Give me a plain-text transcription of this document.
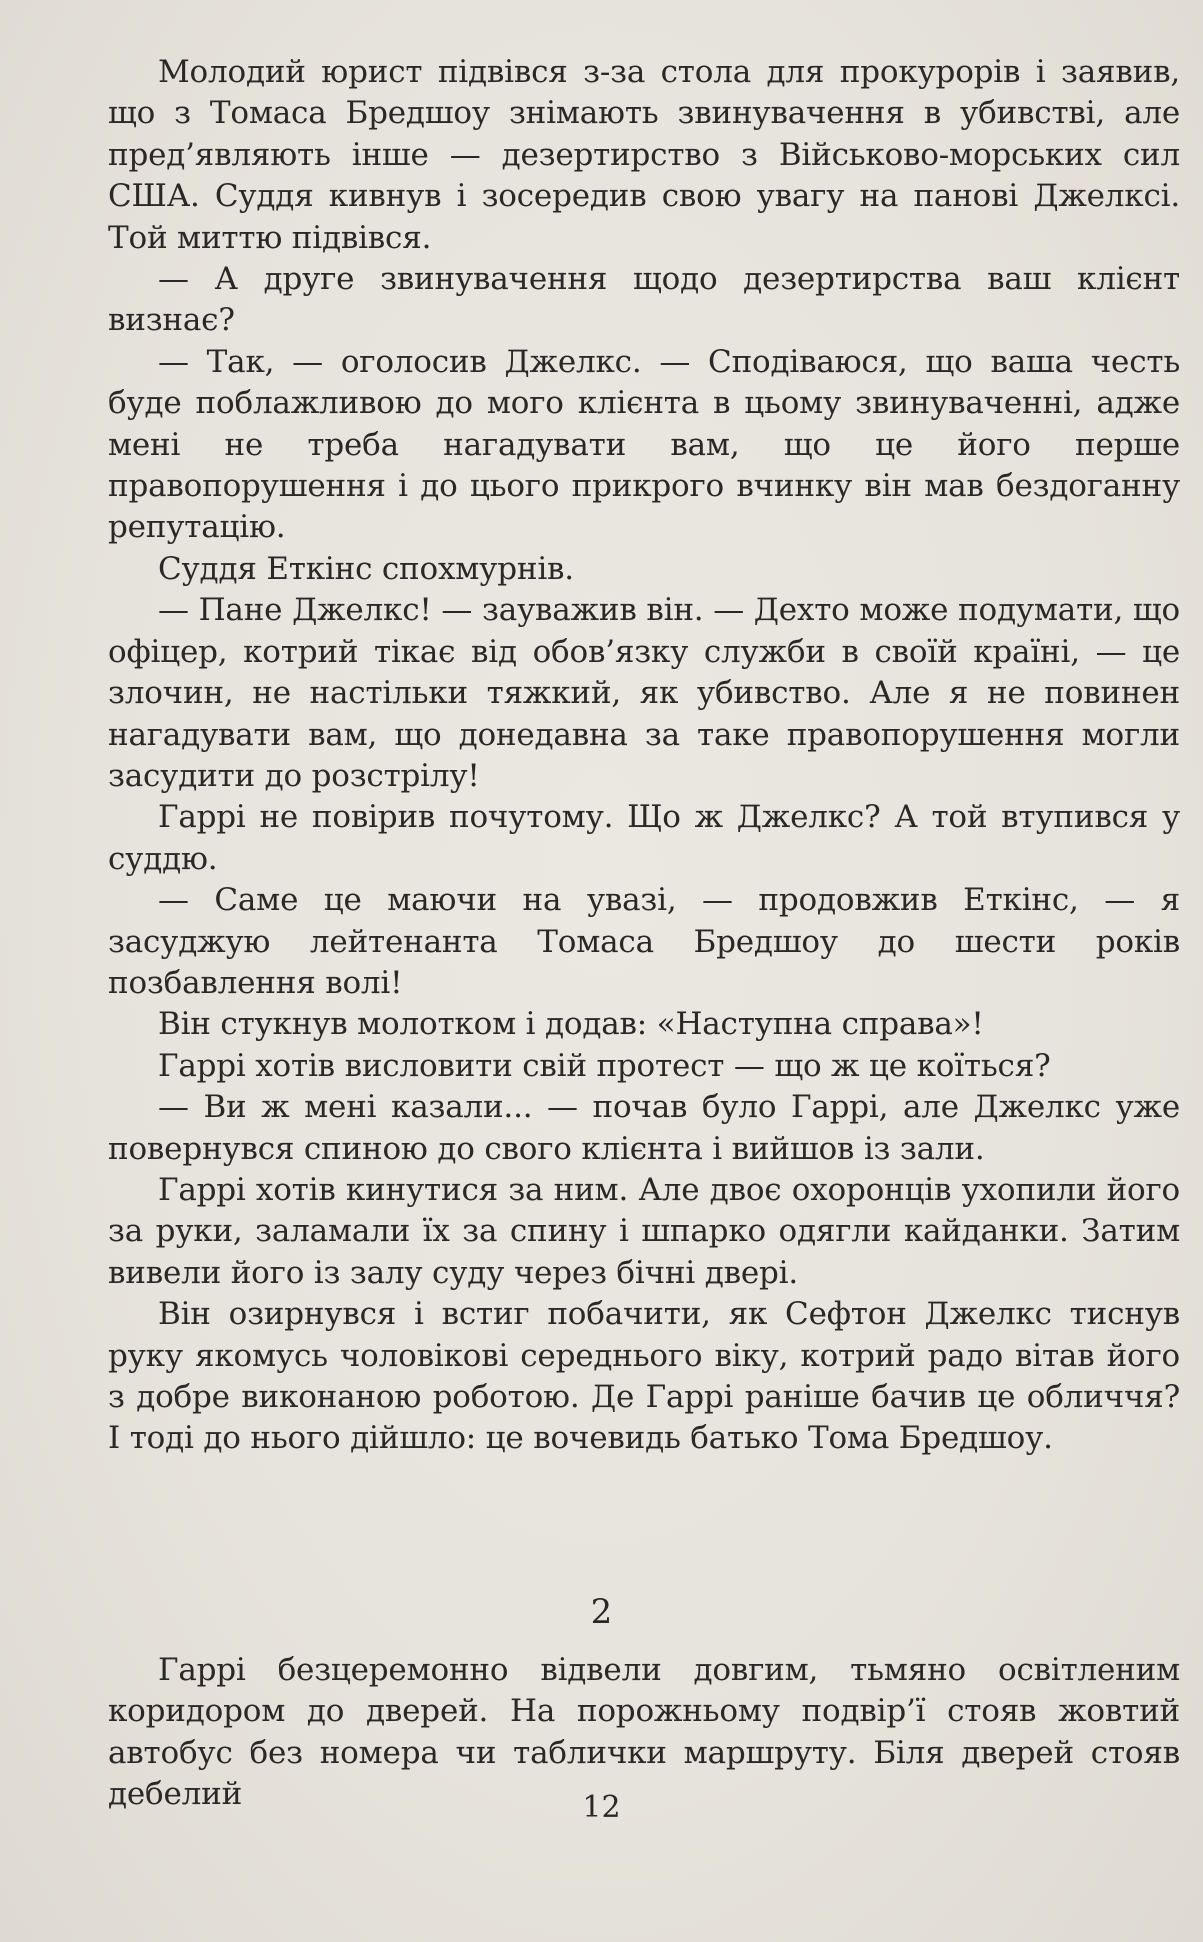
Молодий юрист підвівся з-за стола для прокурорів і заявив, що з Томаса Бредшоу знімають звинувачення в убивстві, але пред’являють інше — дезертирство з Військово-морських сил США. Суддя кивнув і зосередив свою увагу на панові Джелксі. Той миттю підвівся.

— А друге звинувачення щодо дезертирства ваш клієнт визнає?

— Так, — оголосив Джелкс. — Сподіваюся, що ваша честь буде поблажливою до мого клієнта в цьому звинуваченні, адже мені не треба нагадувати вам, що це його перше правопорушення і до цього прикрого вчинку він мав бездоганну репутацію.

Суддя Еткінс спохмурнів.

— Пане Джелкс! — зауважив він. — Дехто може подумати, що офіцер, котрий тікає від обов’язку служби в своїй країні, — це злочин, не настільки тяжкий, як убивство. Але я не повинен нагадувати вам, що донедавна за таке правопорушення могли засудити до розстрілу!

Гаррі не повірив почутому. Що ж Джелкс? А той втупився у суддю.

— Саме це маючи на увазі, — продовжив Еткінс, — я засуджую лейтенанта Томаса Бредшоу до шести років позбавлення волі!

Він стукнув молотком і додав: «Наступна справа»!

Гаррі хотів висловити свій протест — що ж це коїться?

— Ви ж мені казали... — почав було Гаррі, але Джелкс уже повернувся спиною до свого клієнта і вийшов із зали.

Гаррі хотів кинутися за ним. Але двоє охоронців ухопили його за руки, заламали їх за спину і шпарко одягли кайданки. Затим вивели його із залу суду через бічні двері.

Він озирнувся і встиг побачити, як Сефтон Джелкс тиснув руку якомусь чоловікові середнього віку, котрий радо вітав його з добре виконаною роботою. Де Гаррі раніше бачив це обличчя? І тоді до нього дійшло: це вочевидь батько Тома Бредшоу.

2

Гаррі безцеремонно відвели довгим, тьмяно освітленим коридором до дверей. На порожньому подвір’ї стояв жовтий автобус без номера чи таблички маршруту. Біля дверей стояв дебелий	12
